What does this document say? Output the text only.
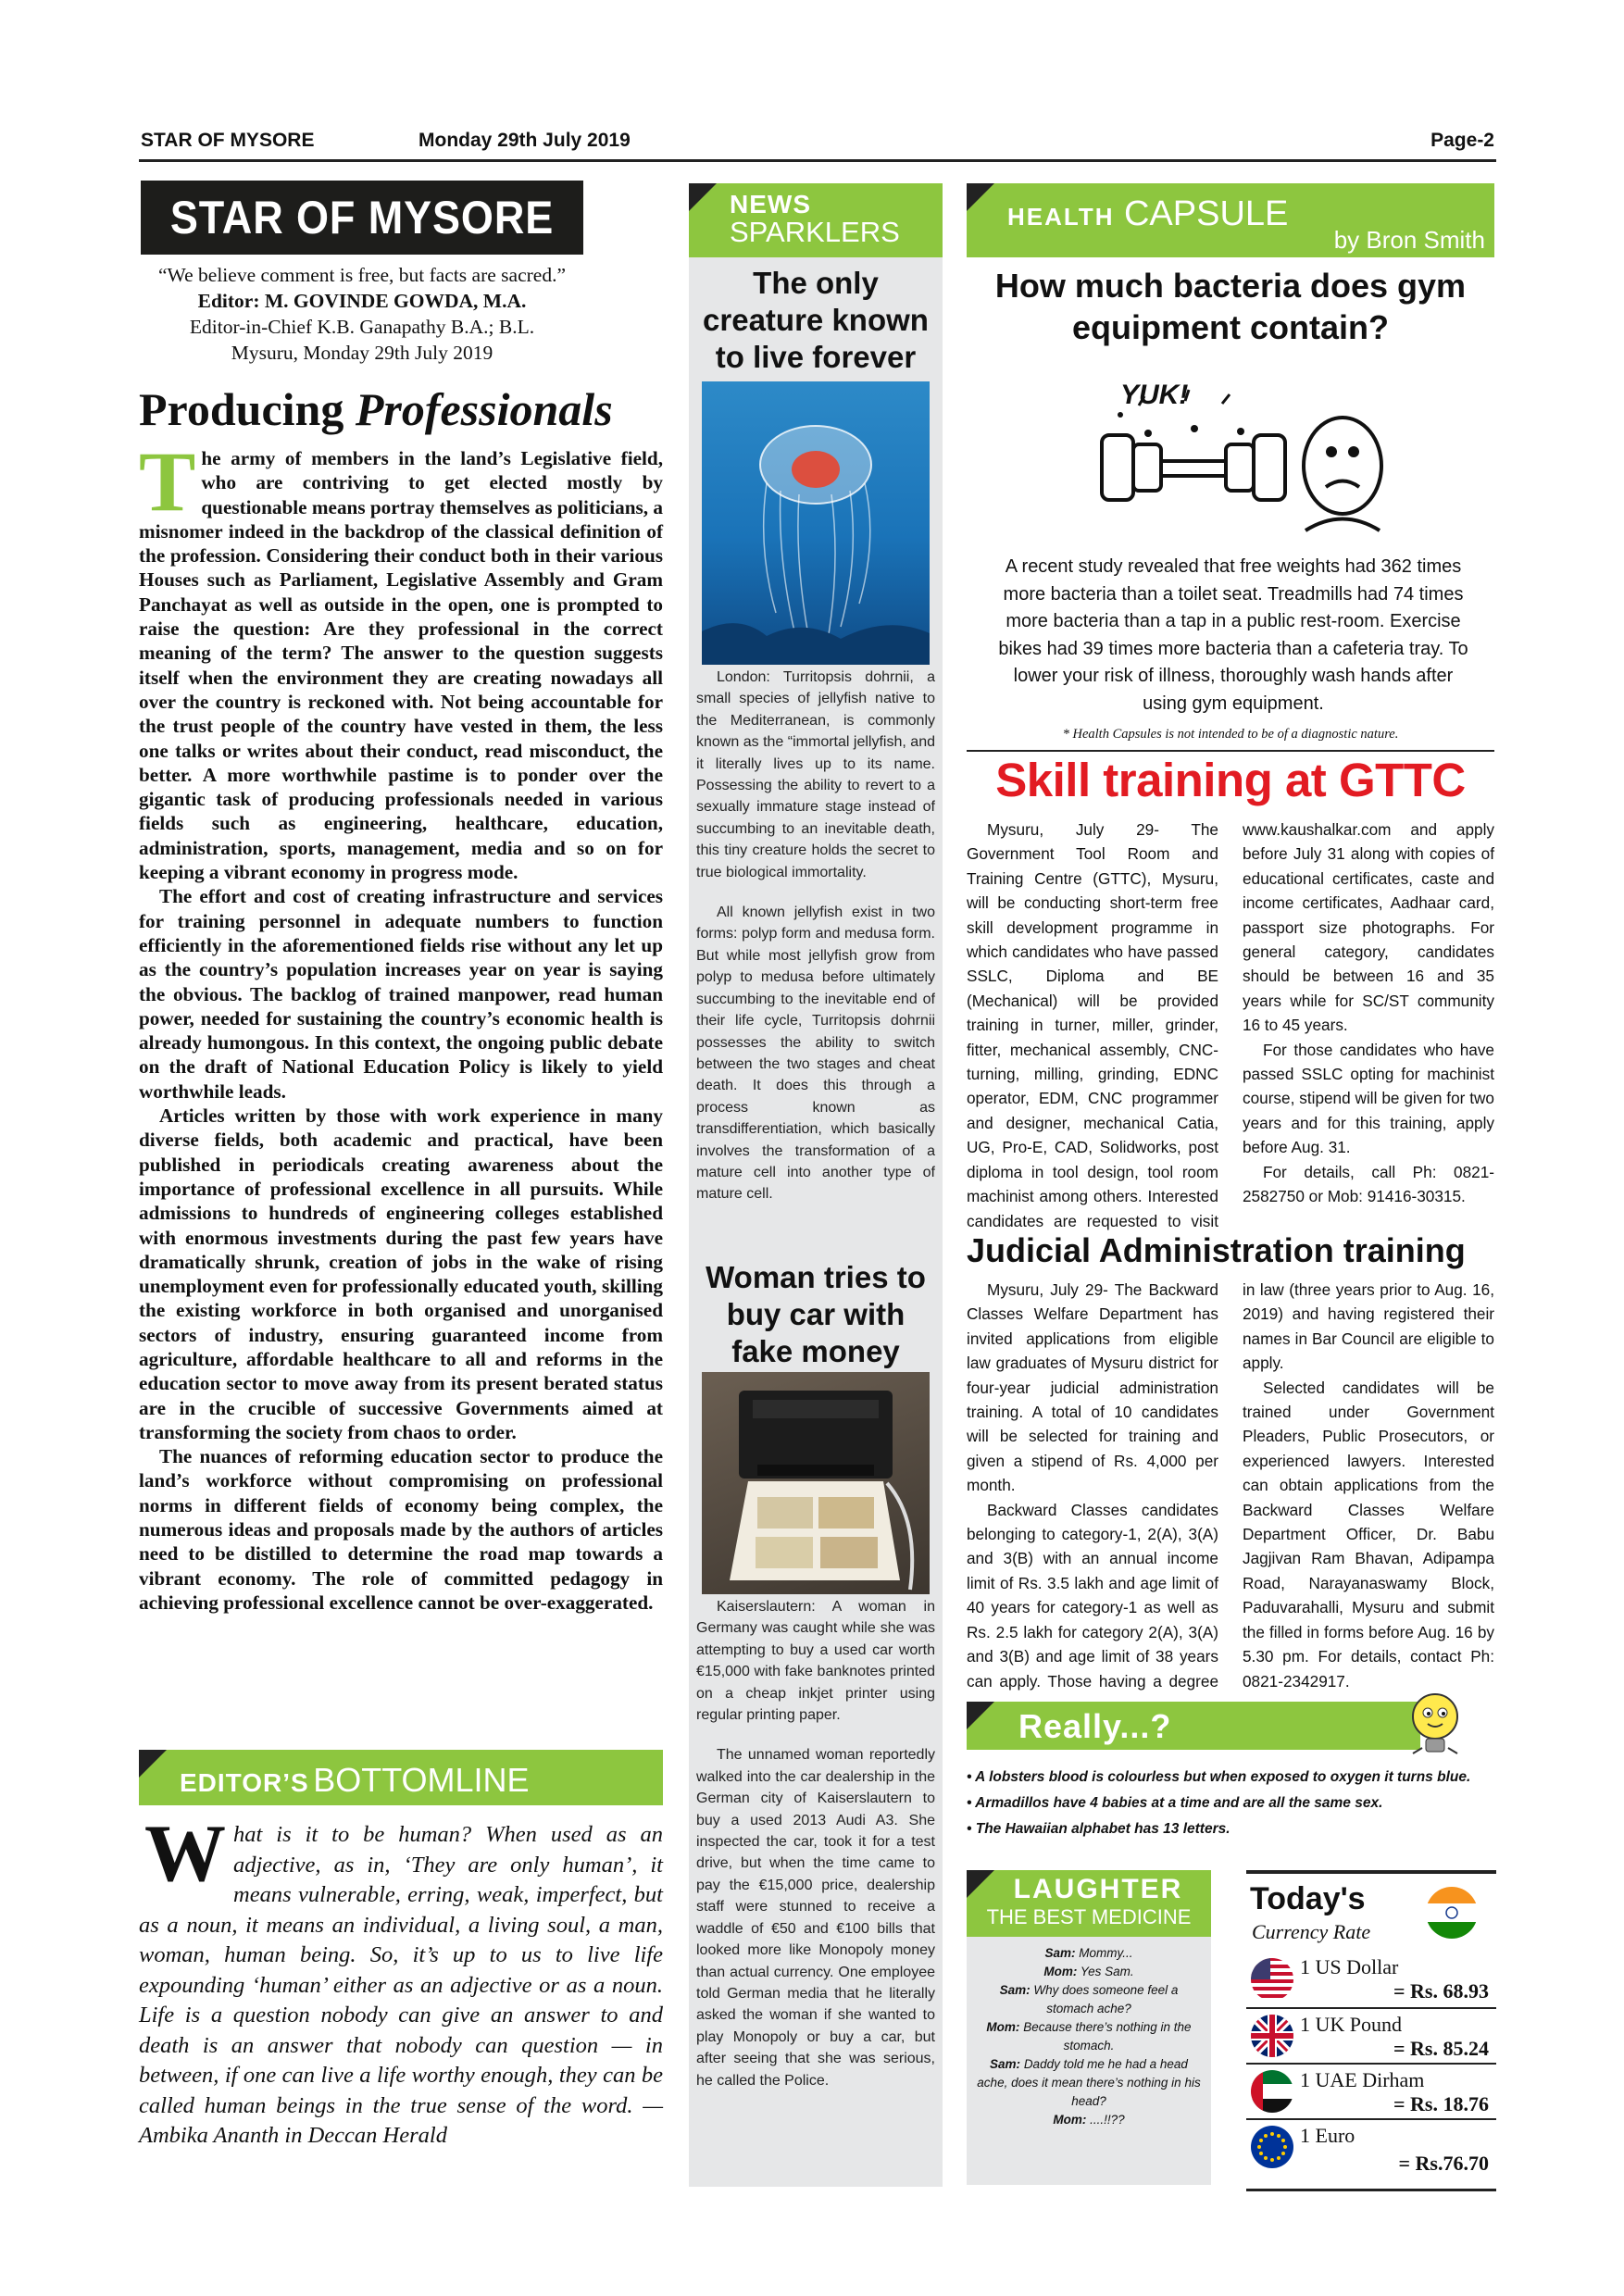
STAR OF MYSORE	Monday 29th July 2019	Page-2
STAR OF MYSORE
“We believe comment is free, but facts are sacred.”
Editor: M. GOVINDE GOWDA, M.A.
Editor-in-Chief K.B. Ganapathy B.A.; B.L.
Mysuru, Monday 29th July 2019
Producing Professionals

T he army of members in the land’s Legislative field, who are contriving to get elected mostly by questionable means portray themselves as politicians, a misnomer indeed in the backdrop of the classical definition of the profession. Considering their conduct both in their various Houses such as Parliament, Legislative Assembly and Gram Panchayat as well as outside in the open, one is prompted to raise the question: Are they professional in the correct meaning of the term? The answer to the question suggests itself when the environment they are creating nowadays all over the country is reckoned with. Not being accountable for the trust people of the country have vested in them, the less one talks or writes about their conduct, read misconduct, the better. A more worthwhile pastime is to ponder over the gigantic task of producing professionals needed in various fields such as engineering, healthcare, education, administration, sports, management, media and so on for keeping a vibrant economy in progress mode.

The effort and cost of creating infrastructure and services for training personnel in adequate numbers to function efficiently in the aforementioned fields rise without any let up as the country’s population increases year on year is saying the obvious. The backlog of trained manpower, read human power, needed for sustaining the country’s economic health is already humongous. In this context, the ongoing public debate on the draft of National Education Policy is likely to yield worthwhile leads.

Articles written by those with work experience in many diverse fields, both academic and practical, have been published in periodicals creating awareness about the importance of professional excellence in all pursuits. While admissions to hundreds of engineering colleges established with enormous investments during the past few years have dramatically shrunk, creation of jobs in the wake of rising unemployment even for professionally educated youth, skilling the existing workforce in both organised and unorganised sectors of industry, ensuring guaranteed income from agriculture, affordable healthcare to all and reforms in the education sector to move away from its present berated status are in the crucible of successive Governments aimed at transforming the society from chaos to order.

The nuances of reforming education sector to produce the land’s workforce without compromising on professional norms in different fields of economy being complex, the numerous ideas and proposals made by the authors of articles need to be distilled to determine the road map towards a vibrant economy. The role of committed pedagogy in achieving professional excellence cannot be over-exaggerated.

EDITOR’S BOTTOMLINE
W hat is it to be human? When used as an adjective, as in, ‘They are only human’, it means vulnerable, erring, weak, imperfect, but as a noun, it means an individual, a living soul, a man, woman, human being. So, it’s up to us to live life expounding ‘human’ either as an adjective or as a noun. Life is a question nobody can give an answer to and death is an answer that nobody can question — in between, if one can live a life worthy enough, they can be called human beings in the true sense of the word. — Ambika Ananth in Deccan Herald
NEWS
SPARKLERS
The only creature known to live forever

London: Turritopsis dohrnii, a small species of jellyfish native to the Mediterranean, is commonly known as the “immortal jellyfish, and it literally lives up to its name. Possessing the ability to revert to a sexually immature stage instead of succumbing to an inevitable death, this tiny creature holds the secret to true biological immortality.

All known jellyfish exist in two forms: polyp form and medusa form. But while most jellyfish grow from polyp to medusa before ultimately succumbing to the inevitable end of their life cycle, Turritopsis dohrnii possesses the ability to switch between the two stages and cheat death. It does this through a process known as transdifferentiation, which basically involves the transformation of a mature cell into another type of mature cell.

Woman tries to buy car with fake money

Kaiserslautern: A woman in Germany was caught while she was attempting to buy a used car worth €15,000 with fake banknotes printed on a cheap inkjet printer using regular printing paper.

The unnamed woman reportedly walked into the car dealership in the German city of Kaiserslautern to buy a used 2013 Audi A3. She inspected the car, took it for a test drive, but when the time came to pay the €15,000 price, dealership staff were stunned to receive a waddle of €50 and €100 bills that looked more like Monopoly money than actual currency. One employee told German media that he literally asked the woman if she wanted to play Monopoly or buy a car, but after seeing that she was serious, he called the Police.

HEALTH CAPSULE
by Bron Smith
How much bacteria does gym equipment contain?
YUK!
A recent study revealed that free weights had 362 times more bacteria than a toilet seat. Treadmills had 74 times more bacteria than a tap in a public rest-room. Exercise bikes had 39 times more bacteria than a cafeteria tray. To lower your risk of illness, thoroughly wash hands after using gym equipment.
* Health Capsules is not intended to be of a diagnostic nature.
Skill training at GTTC

Mysuru, July 29- The Government Tool Room and Training Centre (GTTC), Mysuru, will be conducting short-term free skill development programme in which candidates who have passed SSLC, Diploma and BE (Mechanical) will be provided training in turner, miller, grinder, fitter, mechanical assembly, CNC-turning, milling, grinding, EDNC operator, EDM, CNC programmer and designer, mechanical Catia, UG, Pro-E, CAD, Solidworks, post diploma in tool design, tool room machinist among others. Interested candidates are requested to visit www.kaushalkar.com and apply before July 31 along with copies of educational certificates, caste and income certificates, Aadhaar card, passport size photographs. For general category, candidates should be between 16 and 35 years while for SC/ST community 16 to 45 years.

For those candidates who have passed SSLC opting for machinist course, stipend will be given for two years and for this training, apply before Aug. 31.

For details, call Ph: 0821-2582750 or Mob: 91416-30315.

Judicial Administration training

Mysuru, July 29- The Backward Classes Welfare Department has invited applications from eligible law graduates of Mysuru district for four-year judicial administration training. A total of 10 candidates will be selected for training and given a stipend of Rs. 4,000 per month.

Backward Classes candidates belonging to category-1, 2(A), 3(A) and 3(B) with an annual income limit of Rs. 3.5 lakh and age limit of 40 years for category-1 as well as Rs. 2.5 lakh for category 2(A), 3(A) and 3(B) and age limit of 38 years can apply. Those having a degree in law (three years prior to Aug. 16, 2019) and having registered their names in Bar Council are eligible to apply.

Selected candidates will be trained under Government Pleaders, Public Prosecutors, or experienced lawyers. Interested can obtain applications from the Backward Classes Welfare Department Officer, Dr. Babu Jagjivan Ram Bhavan, Adipampa Road, Narayanaswamy Block, Paduvarahalli, Mysuru and submit the filled in forms before Aug. 16 by 5.30 pm. For details, contact Ph: 0821-2342917.

Really...?
• A lobsters blood is colourless but when exposed to oxygen it turns blue.
• Armadillos have 4 babies at a time and are all the same sex.
• The Hawaiian alphabet has 13 letters.
LAUGHTER
THE BEST MEDICINE
Sam: Mommy...
Mom: Yes Sam.
Sam: Why does someone feel a stomach ache?
Mom: Because there’s nothing in the stomach.
Sam: Daddy told me he had a head ache, does it mean there’s nothing in his head?
Mom: ....!!??
Today's
Currency Rate
1 US Dollar
= Rs. 68.93
1 UK Pound
= Rs. 85.24
1 UAE Dirham
= Rs. 18.76
1 Euro
= Rs.76.70
